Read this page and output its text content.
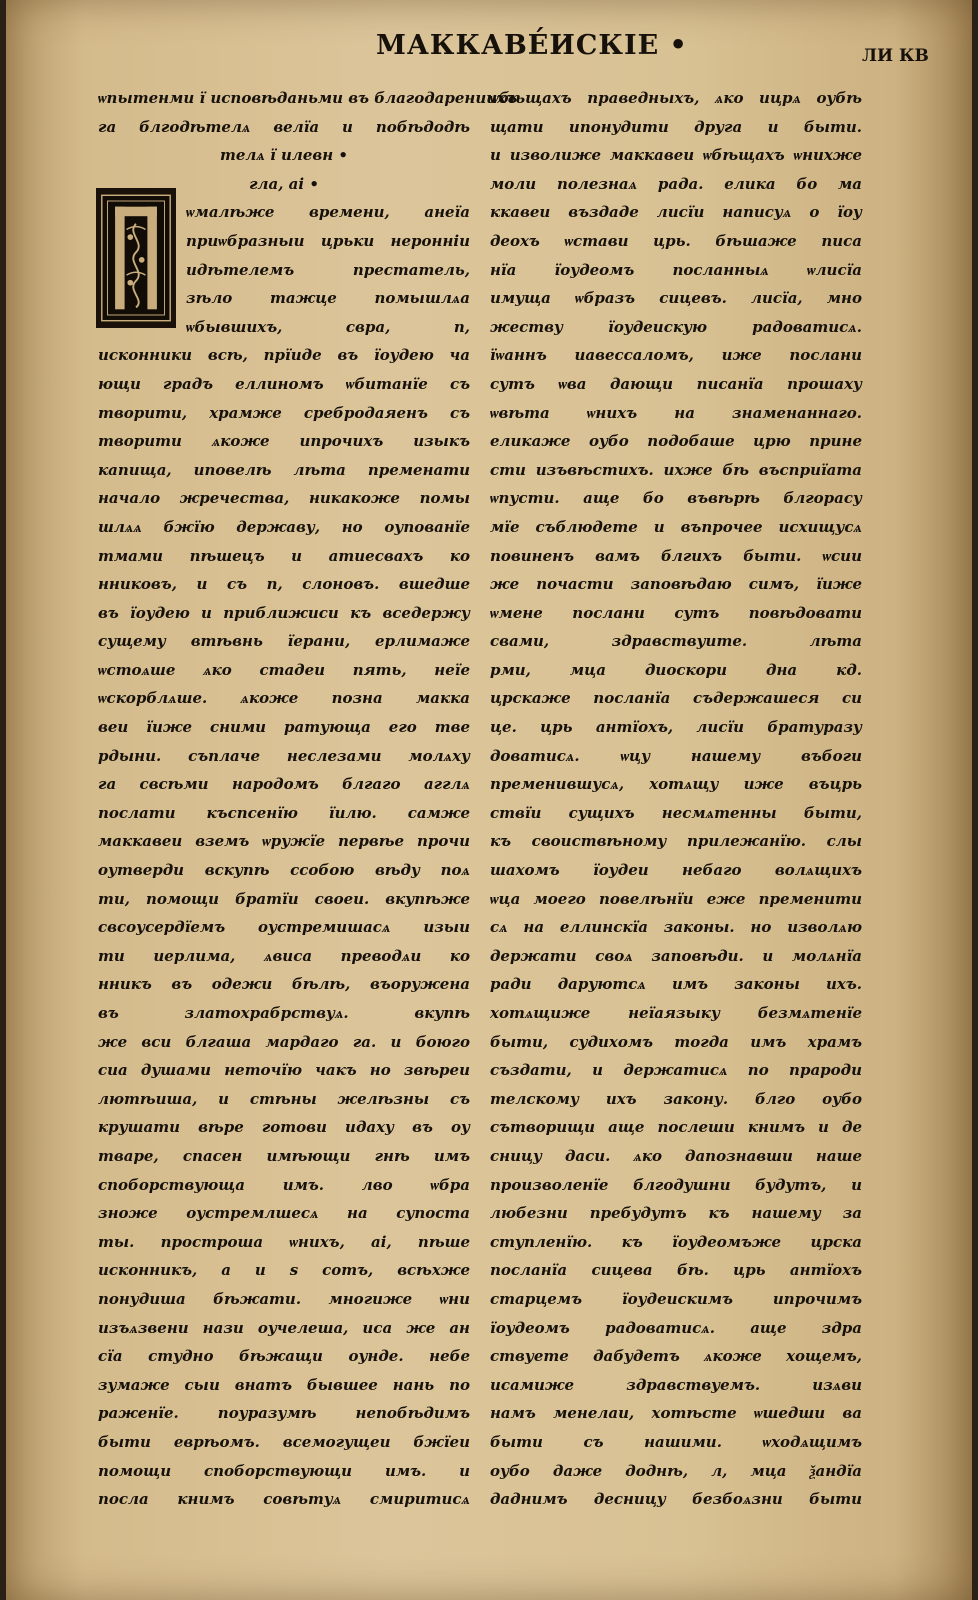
МАККАВЕ́ИСКІЕ •	ЛИ КВ
ѡпытенми ї исповѣданьми въ благодарениихъ
га блгодѣтелѧ велїа и побѣдодѣ
телѧ ї илевн •
гла, аі •
ѡмалѣже времени, анеїа
приѡбразныи црьки неронніи
идѣтелемъ престатель,
зѣло тажце помышлѧа
ѡбывшихъ, свра, п,
исконники всѣ, прїиде въ їоудею ча
ющи градъ еллиномъ ѡбитанїе съ
творити, храмже сребродаяенъ съ
творити ѧкоже ипрочихъ изыкъ
капища, иповелѣ лѣта пременати
начало жречества, никакоже помы
шлѧѧ бжїю державу, но оупованїе
тмами пѣшецъ и атиесвахъ ко
нниковъ, и съ п, слоновъ. вшедше
въ їоудею и приближиси къ вседержу
сущему втѣвнь їерани, ерлимаже
ѡстоѧше ѧко стадеи пять, неїе
ѡскорблѧше. ѧкоже позна макка
веи їиже сними ратующа его тве
рдыни. съплаче неслезами молѧху
га свсѣми народомъ блгаго агглѧ
послати къспсенїю їилю. самже
маккавеи вземъ ѡружїе первѣе прочи
оутверди вскупѣ ссобою вѣду поѧ
ти, помощи братїи своеи. вкупѣже
свсоусердїемъ оустремишасѧ изыи
ти иерлима, ѧвиса преводѧи ко
нникъ въ одежи бѣлѣ, въоружена
въ златохрабрствуѧ. вкупѣ
же вси блгаша мардаго га. и боюго
сиа душами неточїю чакъ но звѣреи
лютѣиша, и стѣны желѣзны съ
крушати вѣре готови идаху въ оу
тваре, спасен имѣющи гнѣ имъ
споборствующа имъ. лво ѡбра
зноже оустремлшесѧ на супоста
ты. простроша ѡнихъ, аі, пѣше
исконникъ, а и ѕ сотъ, всѣхже
понудиша бѣжати. многиже ѡни
изъѧзвени нази оучелеша, иса же ан
сїа студно бѣжащи оунде. небе
зумаже сыи внатъ бывшее нань по
раженїе. поуразумѣ непобѣдимъ
быти еврѣомъ. всемогущеи бжїеи
помощи споборствующи имъ. и
посла книмъ совѣтуѧ смиритисѧ
ѡбѣщахъ праведныхъ, ѧко ицрѧ оубѣ
щати ипонудити друга и быти.
и изволиже маккавеи ѡбѣщахъ ѡнихже
моли полезнаѧ рада. елика бо ма
ккавеи въздаде лисїи написуѧ о їоу
деохъ ѡстави црь. бѣшаже писа
нїа їоудеомъ посланныѧ ѡлисїа
имуща ѡбразъ сицевъ. лисїа, мно
жеству їоудеискую радоватисѧ.
їѡаннъ иавессаломъ, иже послани
сутъ ѡва дающи писанїа прошаху
ѡвѣта ѡнихъ на знаменаннаго.
еликаже оубо подобаше црю прине
сти изъвѣстихъ. ихже бѣ въсприїата
ѡпусти. аще бо въвѣрѣ блгорасу
мїе съблюдете и въпрочее исхищусѧ
повиненъ вамъ блгихъ быти. ѡсии
же почасти заповѣдаю симъ, їиже
ѡмене послани сутъ повѣдовати
свами, здравствуите. лѣта
рми, мца диоскори дна кд.
црскаже посланїа съдержашеся си
це. црь антїохъ, лисїи братуразу
доватисѧ. ѡцу нашему въбоги
пременившусѧ, хотѧщу иже въцрь
ствїи сущихъ несмѧтенны быти,
къ своиствѣному прилежанїю. слы
шахомъ їоудеи небаго волѧщихъ
ѡца моего повелѣнїи еже пременити
сѧ на еллинскїа законы. но изволѧю
держати своѧ заповѣди. и молѧнїа
ради даруютсѧ имъ законы ихъ.
хотѧщиже неїаязыку безмѧтенїе
быти, судихомъ тогда имъ храмъ
създати, и держатисѧ по прароди
телскому ихъ закону. блго оубо
сътворищи аще послеши книмъ и де
сницу даси. ѧко дапознавши наше
произволенїе блгодушни будутъ, и
любезни пребудутъ къ нашему за
ступленїю. къ їоудеомъже црска
посланїа сицева бѣ. црь антїохъ
старцемъ їоудеискимъ ипрочимъ
їоудеомъ радоватисѧ. аще здра
ствуете дабудетъ ѧкоже хощемъ,
исамиже здравствуемъ. изѧви
намъ менелаи, хотѣсте ѡшедши ва
быти съ нашими. ѡходѧщимъ
оубо даже доднѣ, л, мца ѯандїа
даднимъ десницу безбоѧзни быти
